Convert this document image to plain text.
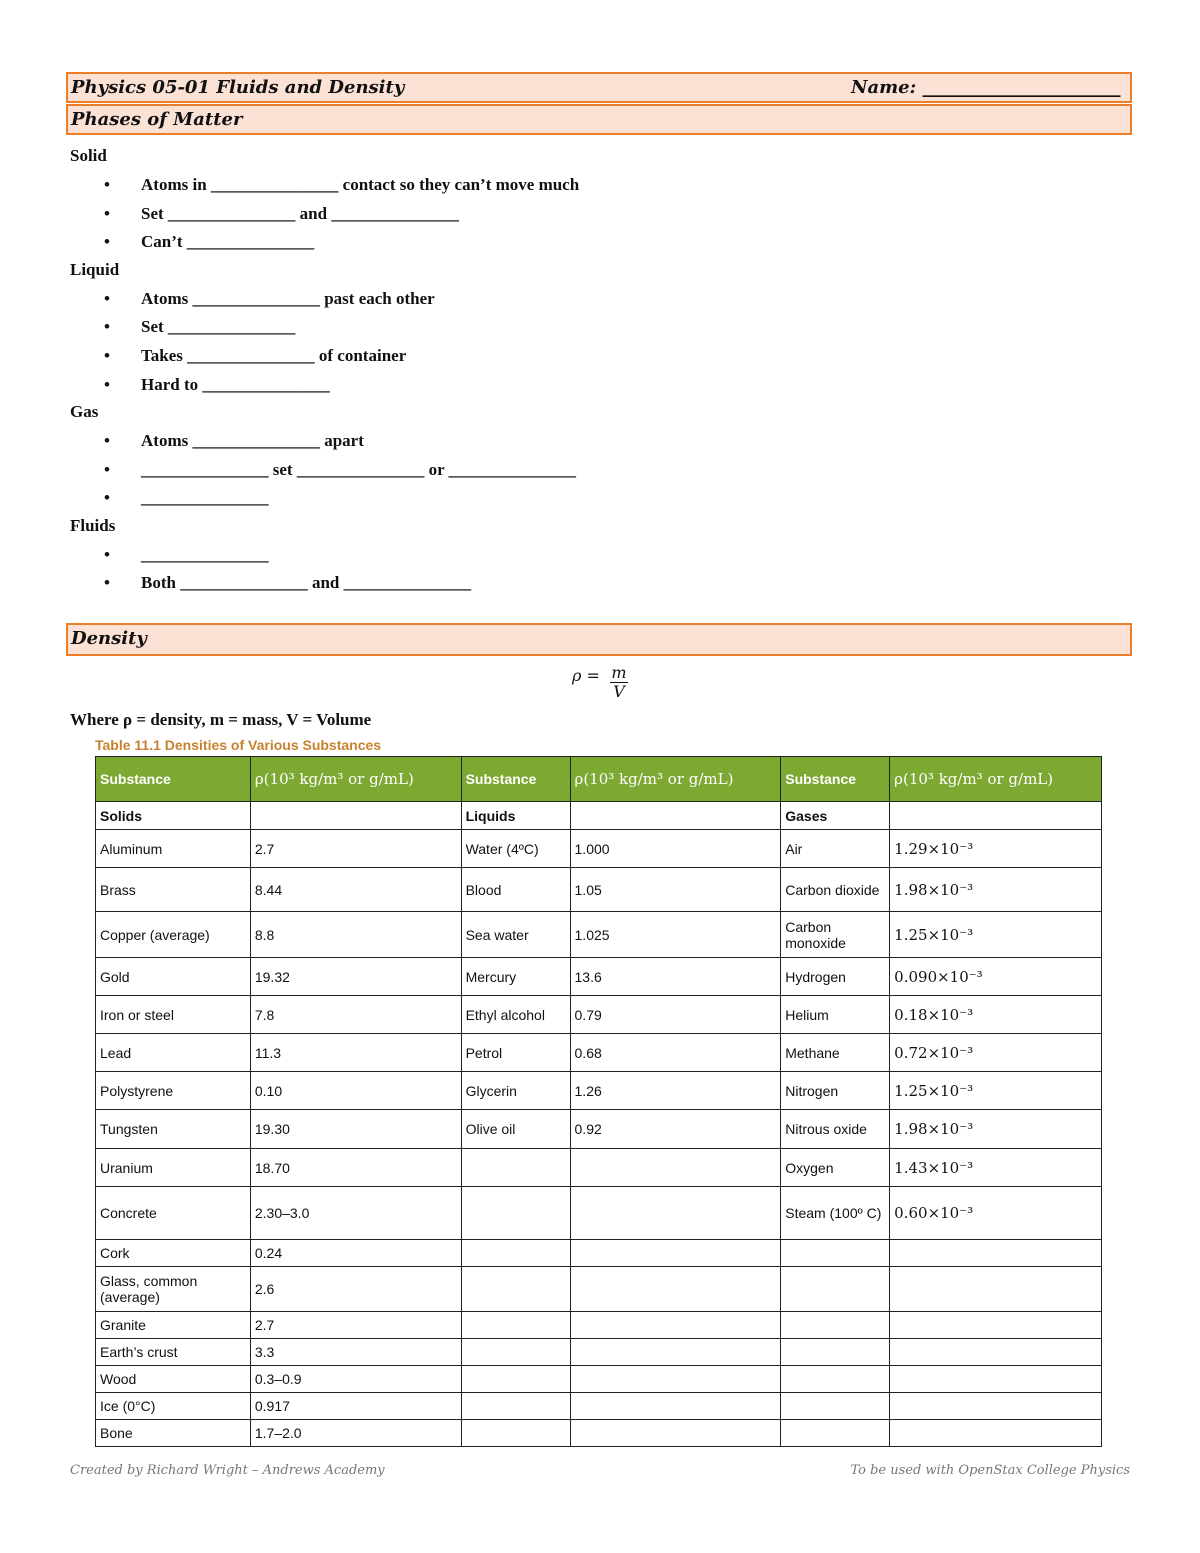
Physics 05-01 Fluids and Density	Name: ______________________
Phases of Matter
Solid
Atoms in _______________ contact so they can’t move much
Set _______________ and _______________
Can’t _______________
Liquid
Atoms _______________ past each other
Set _______________
Takes _______________ of container
Hard to _______________
Gas
Atoms _______________ apart
_______________ set _______________ or _______________
_______________
Fluids
_______________
Both _______________ and _______________
Density
$\rho = \frac{m}{V}$
Where ρ = density, m = mass, V = Volume
Table 11.1 Densities of Various Substances
Substance	ρ(10³ kg/m³ or g/mL)	Substance	ρ(10³ kg/m³ or g/mL)	Substance	ρ(10³ kg/m³ or g/mL)
Solids		Liquids		Gases	
Aluminum	2.7	Water (4ºC)	1.000	Air	1.29×10⁻³
Brass	8.44	Blood	1.05	Carbon dioxide	1.98×10⁻³
Copper (average)	8.8	Sea water	1.025	Carbon monoxide	1.25×10⁻³
Gold	19.32	Mercury	13.6	Hydrogen	0.090×10⁻³
Iron or steel	7.8	Ethyl alcohol	0.79	Helium	0.18×10⁻³
Lead	11.3	Petrol	0.68	Methane	0.72×10⁻³
Polystyrene	0.10	Glycerin	1.26	Nitrogen	1.25×10⁻³
Tungsten	19.30	Olive oil	0.92	Nitrous oxide	1.98×10⁻³
Uranium	18.70			Oxygen	1.43×10⁻³
Concrete	2.30–3.0			Steam (100º C)	0.60×10⁻³
Cork	0.24				
Glass, common (average)	2.6				
Granite	2.7				
Earth’s crust	3.3				
Wood	0.3–0.9				
Ice (0°C)	0.917				
Bone	1.7–2.0				
Created by Richard Wright – Andrews Academy	To be used with OpenStax College Physics
